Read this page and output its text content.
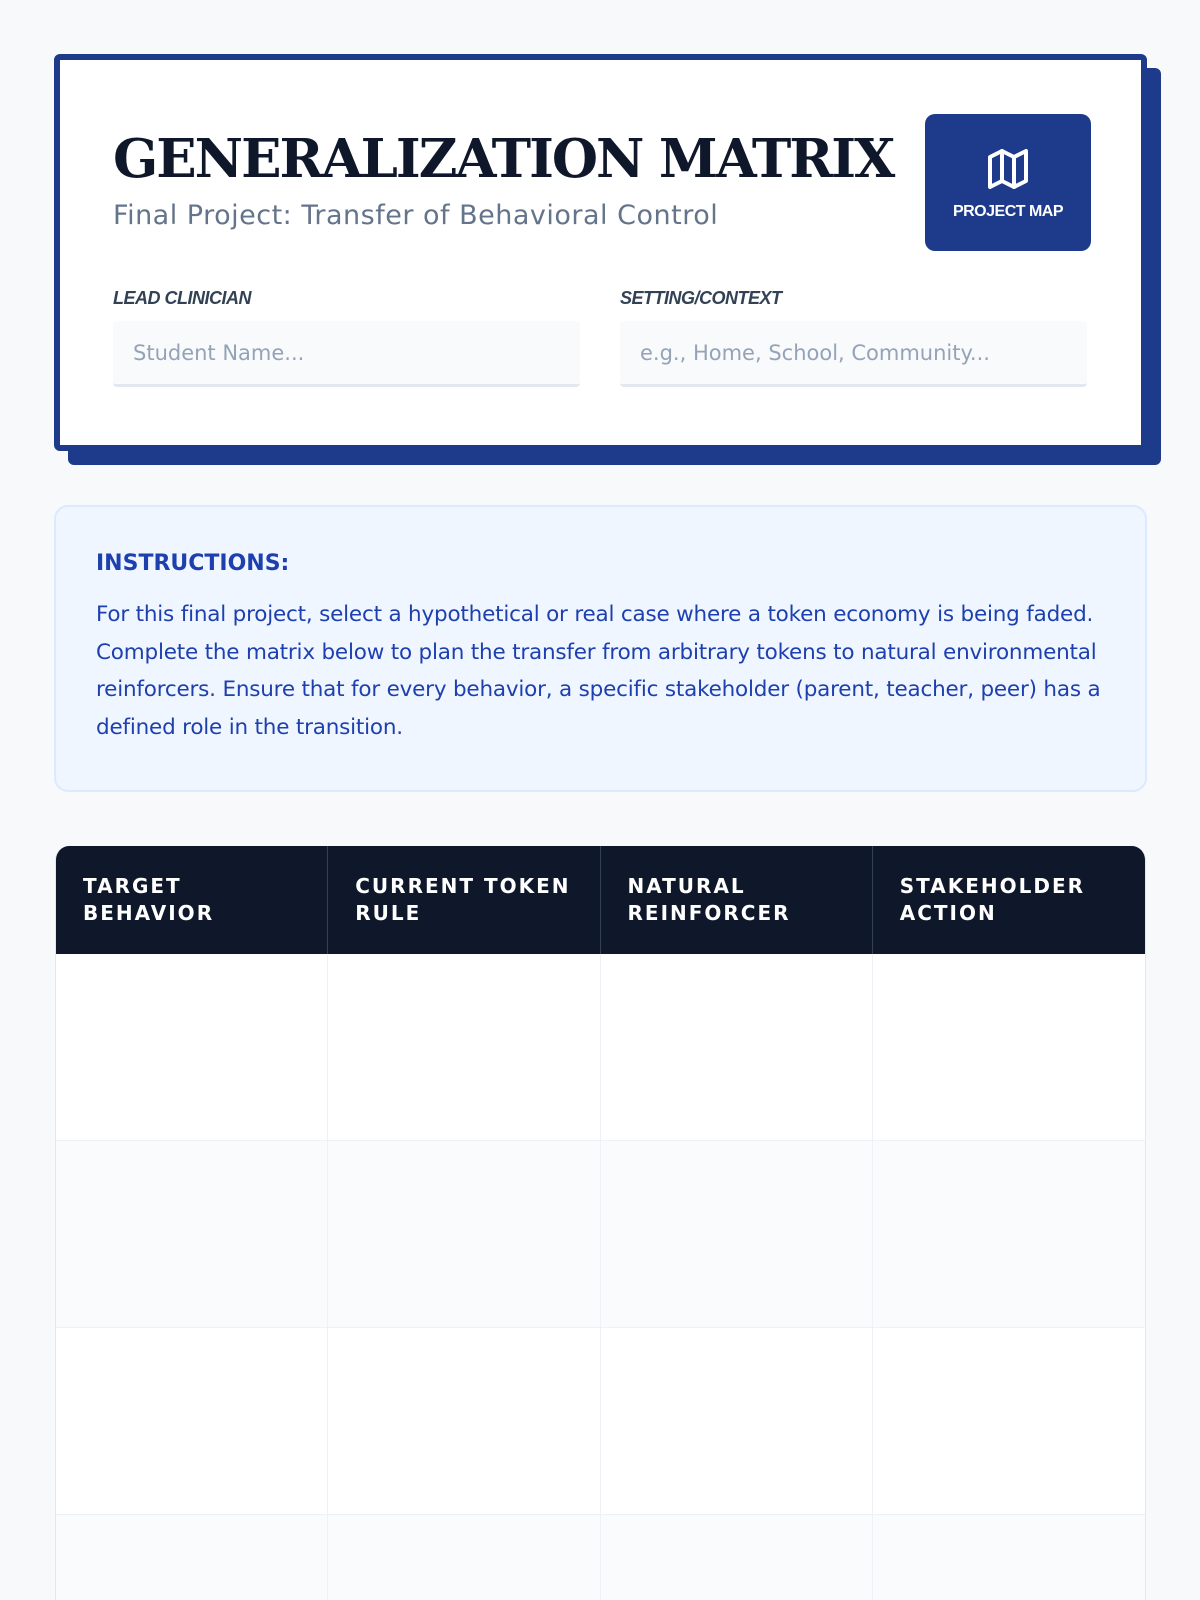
GENERALIZATION MATRIX
Final Project: Transfer of Behavioral Control	PROJECT MAP
LEAD CLINICIAN
Student Name...	SETTING/CONTEXT
e.g., Home, School, Community...
INSTRUCTIONS:

For this final project, select a hypothetical or real case where a token economy is being faded. Complete the matrix below to plan the transfer from arbitrary tokens to natural environmental reinforcers. Ensure that for every behavior, a specific stakeholder (parent, teacher, peer) has a defined role in the transition.

TARGET BEHAVIOR	CURRENT TOKEN RULE	NATURAL REINFORCER	STAKEHOLDER ACTION
